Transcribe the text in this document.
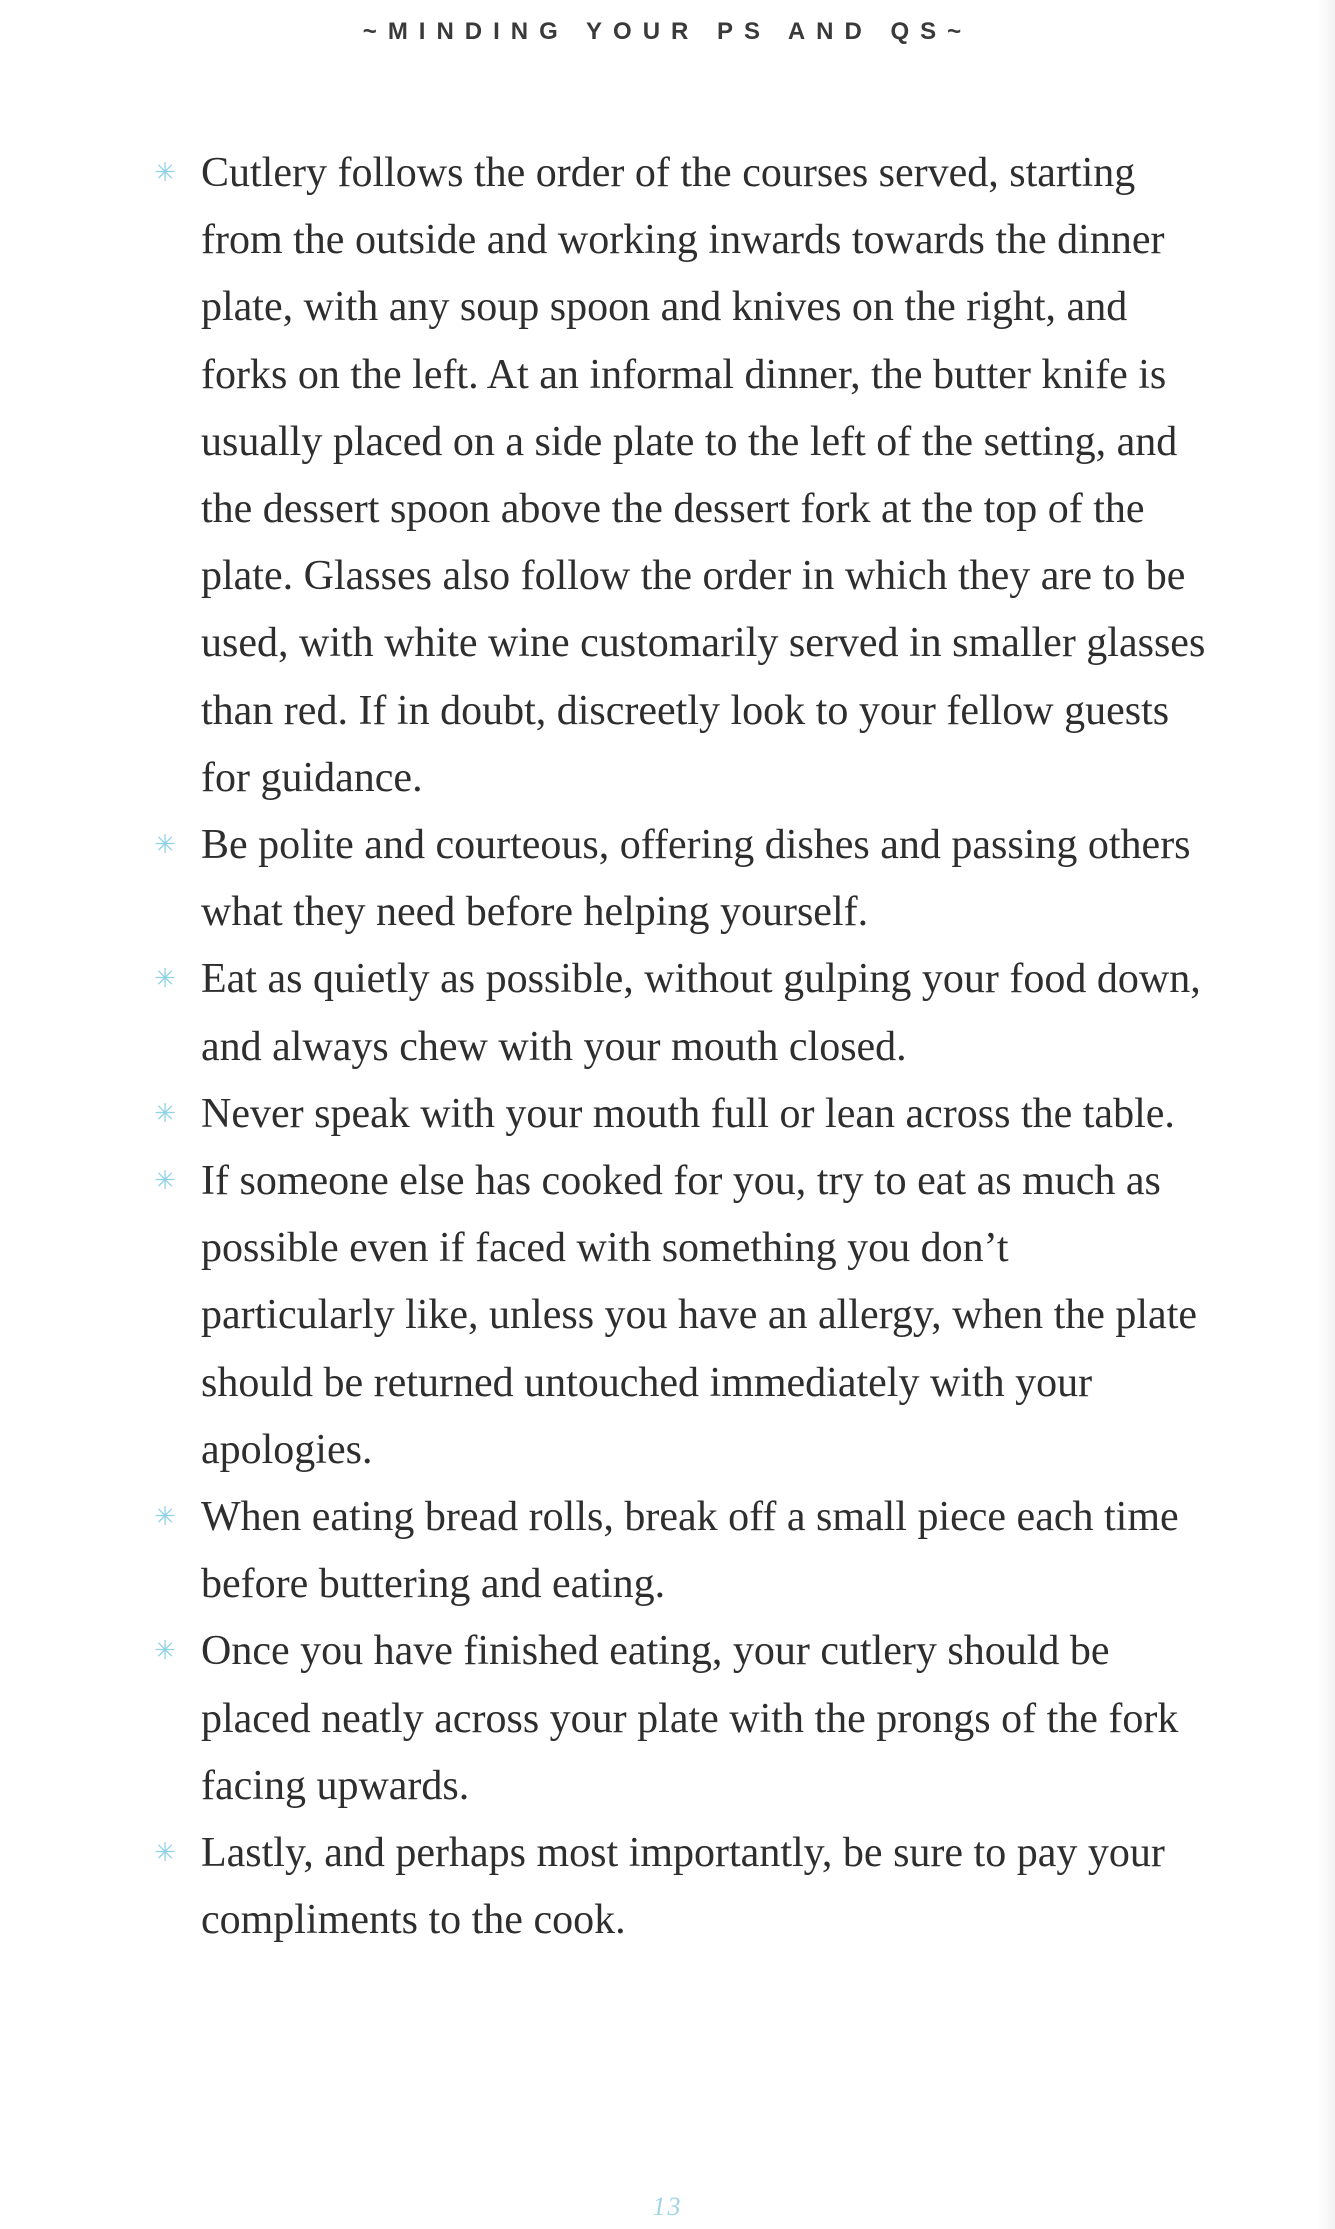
~MINDING YOUR PS AND QS~
✳ Cutlery follows the order of the courses served, starting from the outside and working inwards towards the dinner plate, with any soup spoon and knives on the right, and forks on the left. At an informal dinner, the butter knife is usually placed on a side plate to the left of the setting, and the dessert spoon above the dessert fork at the top of the plate. Glasses also follow the order in which they are to be used, with white wine customarily served in smaller glasses than red. If in doubt, discreetly look to your fellow guests for guidance.
✳ Be polite and courteous, offering dishes and passing others what they need before helping yourself.
✳ Eat as quietly as possible, without gulping your food down, and always chew with your mouth closed.
✳ Never speak with your mouth full or lean across the table.
✳ If someone else has cooked for you, try to eat as much as possible even if faced with something you don’t particularly like, unless you have an allergy, when the plate should be returned untouched immediately with your apologies.
✳ When eating bread rolls, break off a small piece each time before buttering and eating.
✳ Once you have finished eating, your cutlery should be placed neatly across your plate with the prongs of the fork facing upwards.
✳ Lastly, and perhaps most importantly, be sure to pay your compliments to the cook.
13
